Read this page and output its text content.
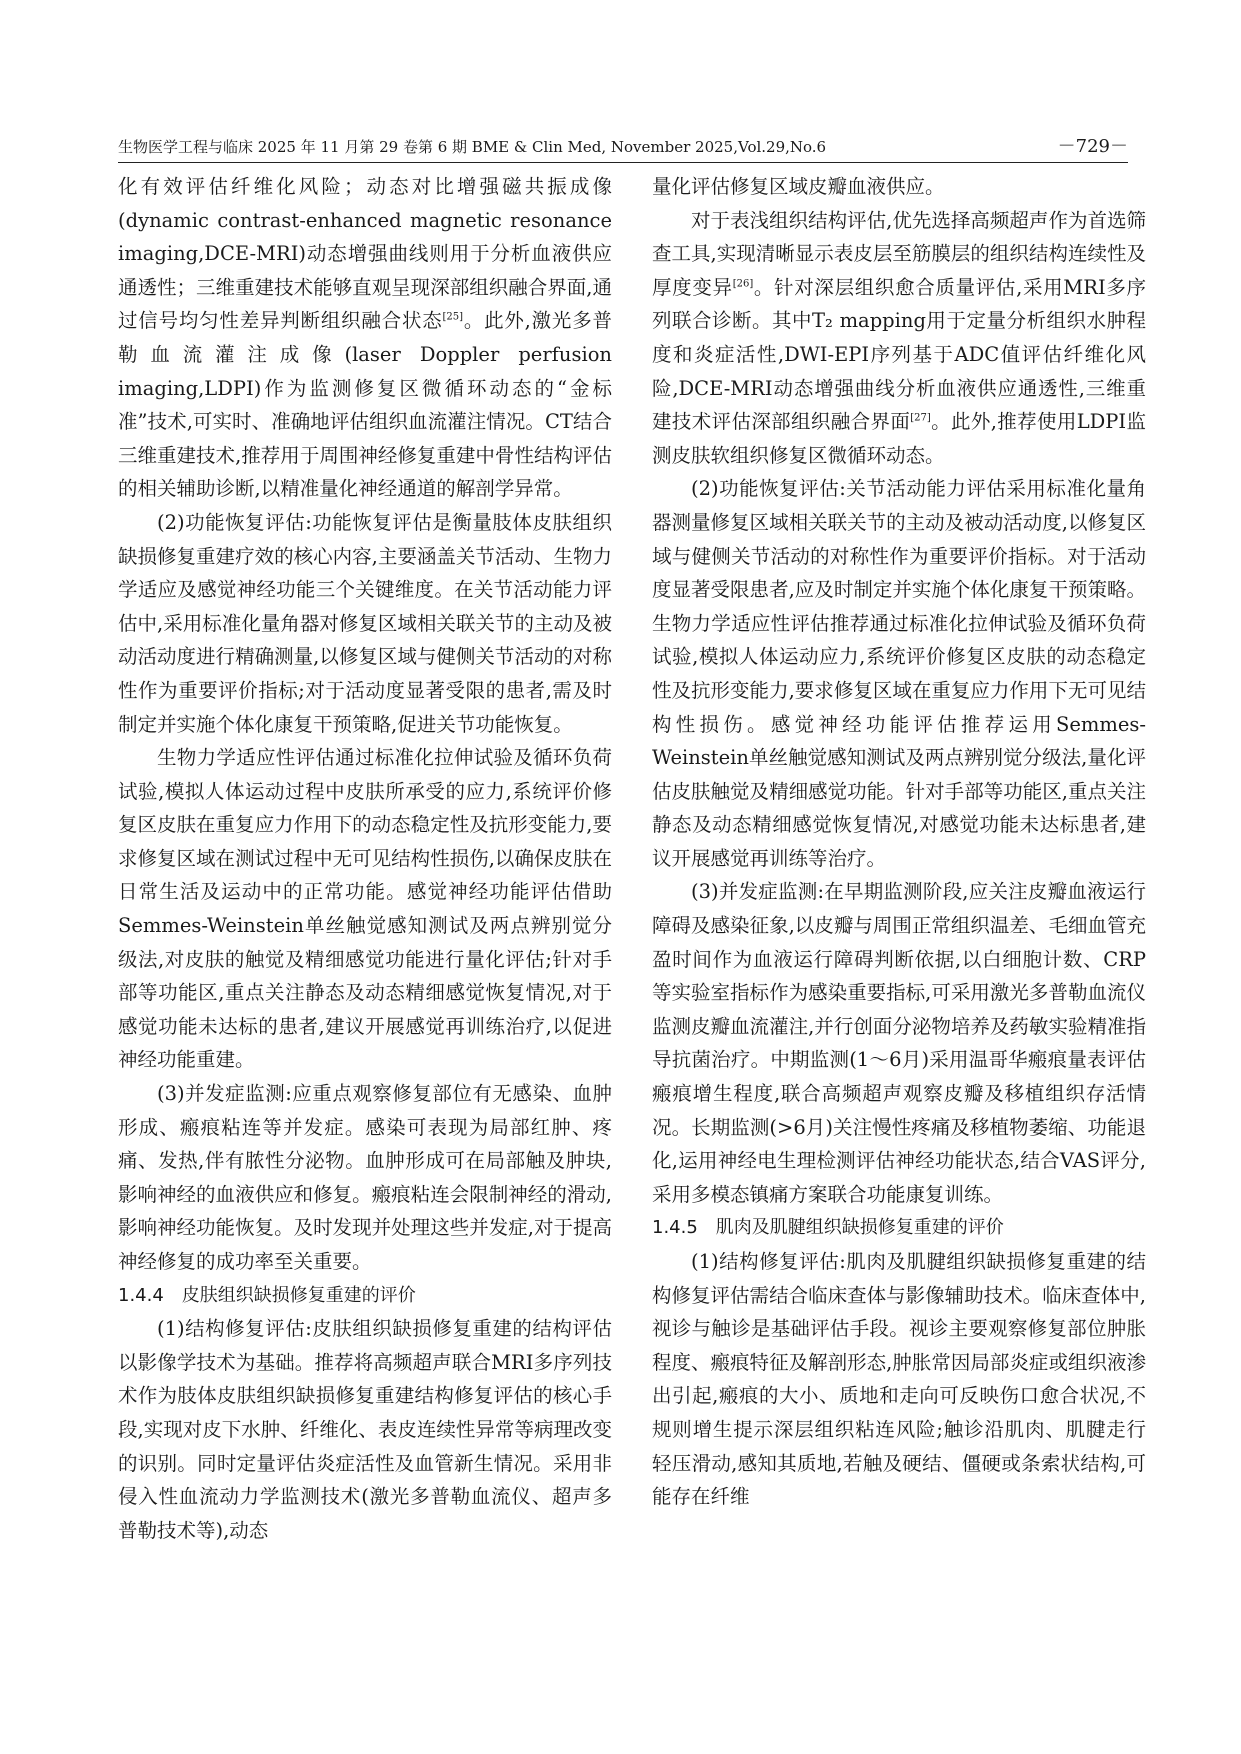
生物医学工程与临床 2025 年 11 月第 29 卷第 6 期 BME & Clin Med, November 2025,Vol.29,No.6	－729－

化有效评估纤维化风险；动态对比增强磁共振成像(dynamic contrast-enhanced magnetic resonance imaging,DCE-MRI)动态增强曲线则用于分析血液供应通透性；三维重建技术能够直观呈现深部组织融合界面,通过信号均匀性差异判断组织融合状态[25]。此外,激光多普勒血流灌注成像(laser Doppler perfusion imaging,LDPI)作为监测修复区微循环动态的“金标准”技术,可实时、准确地评估组织血流灌注情况。CT结合三维重建技术,推荐用于周围神经修复重建中骨性结构评估的相关辅助诊断,以精准量化神经通道的解剖学异常。

(2)功能恢复评估:功能恢复评估是衡量肢体皮肤组织缺损修复重建疗效的核心内容,主要涵盖关节活动、生物力学适应及感觉神经功能三个关键维度。在关节活动能力评估中,采用标准化量角器对修复区域相关联关节的主动及被动活动度进行精确测量,以修复区域与健侧关节活动的对称性作为重要评价指标;对于活动度显著受限的患者,需及时制定并实施个体化康复干预策略,促进关节功能恢复。

生物力学适应性评估通过标准化拉伸试验及循环负荷试验,模拟人体运动过程中皮肤所承受的应力,系统评价修复区皮肤在重复应力作用下的动态稳定性及抗形变能力,要求修复区域在测试过程中无可见结构性损伤,以确保皮肤在日常生活及运动中的正常功能。感觉神经功能评估借助Semmes-Weinstein单丝触觉感知测试及两点辨别觉分级法,对皮肤的触觉及精细感觉功能进行量化评估;针对手部等功能区,重点关注静态及动态精细感觉恢复情况,对于感觉功能未达标的患者,建议开展感觉再训练治疗,以促进神经功能重建。

(3)并发症监测:应重点观察修复部位有无感染、血肿形成、瘢痕粘连等并发症。感染可表现为局部红肿、疼痛、发热,伴有脓性分泌物。血肿形成可在局部触及肿块,影响神经的血液供应和修复。瘢痕粘连会限制神经的滑动,影响神经功能恢复。及时发现并处理这些并发症,对于提高神经修复的成功率至关重要。

1.4.4　皮肤组织缺损修复重建的评价

(1)结构修复评估:皮肤组织缺损修复重建的结构评估以影像学技术为基础。推荐将高频超声联合MRI多序列技术作为肢体皮肤组织缺损修复重建结构修复评估的核心手段,实现对皮下水肿、纤维化、表皮连续性异常等病理改变的识别。同时定量评估炎症活性及血管新生情况。采用非侵入性血流动力学监测技术(激光多普勒血流仪、超声多普勒技术等),动态

量化评估修复区域皮瓣血液供应。

对于表浅组织结构评估,优先选择高频超声作为首选筛查工具,实现清晰显示表皮层至筋膜层的组织结构连续性及厚度变异[26]。针对深层组织愈合质量评估,采用MRI多序列联合诊断。其中T₂ mapping用于定量分析组织水肿程度和炎症活性,DWI-EPI序列基于ADC值评估纤维化风险,DCE-MRI动态增强曲线分析血液供应通透性,三维重建技术评估深部组织融合界面[27]。此外,推荐使用LDPI监测皮肤软组织修复区微循环动态。

(2)功能恢复评估:关节活动能力评估采用标准化量角器测量修复区域相关联关节的主动及被动活动度,以修复区域与健侧关节活动的对称性作为重要评价指标。对于活动度显著受限患者,应及时制定并实施个体化康复干预策略。生物力学适应性评估推荐通过标准化拉伸试验及循环负荷试验,模拟人体运动应力,系统评价修复区皮肤的动态稳定性及抗形变能力,要求修复区域在重复应力作用下无可见结构性损伤。感觉神经功能评估推荐运用Semmes-Weinstein单丝触觉感知测试及两点辨别觉分级法,量化评估皮肤触觉及精细感觉功能。针对手部等功能区,重点关注静态及动态精细感觉恢复情况,对感觉功能未达标患者,建议开展感觉再训练等治疗。

(3)并发症监测:在早期监测阶段,应关注皮瓣血液运行障碍及感染征象,以皮瓣与周围正常组织温差、毛细血管充盈时间作为血液运行障碍判断依据,以白细胞计数、CRP等实验室指标作为感染重要指标,可采用激光多普勒血流仪监测皮瓣血流灌注,并行创面分泌物培养及药敏实验精准指导抗菌治疗。中期监测(1～6月)采用温哥华瘢痕量表评估瘢痕增生程度,联合高频超声观察皮瓣及移植组织存活情况。长期监测(>6月)关注慢性疼痛及移植物萎缩、功能退化,运用神经电生理检测评估神经功能状态,结合VAS评分,采用多模态镇痛方案联合功能康复训练。

1.4.5　肌肉及肌腱组织缺损修复重建的评价

(1)结构修复评估:肌肉及肌腱组织缺损修复重建的结构修复评估需结合临床查体与影像辅助技术。临床查体中,视诊与触诊是基础评估手段。视诊主要观察修复部位肿胀程度、瘢痕特征及解剖形态,肿胀常因局部炎症或组织液渗出引起,瘢痕的大小、质地和走向可反映伤口愈合状况,不规则增生提示深层组织粘连风险;触诊沿肌肉、肌腱走行轻压滑动,感知其质地,若触及硬结、僵硬或条索状结构,可能存在纤维
